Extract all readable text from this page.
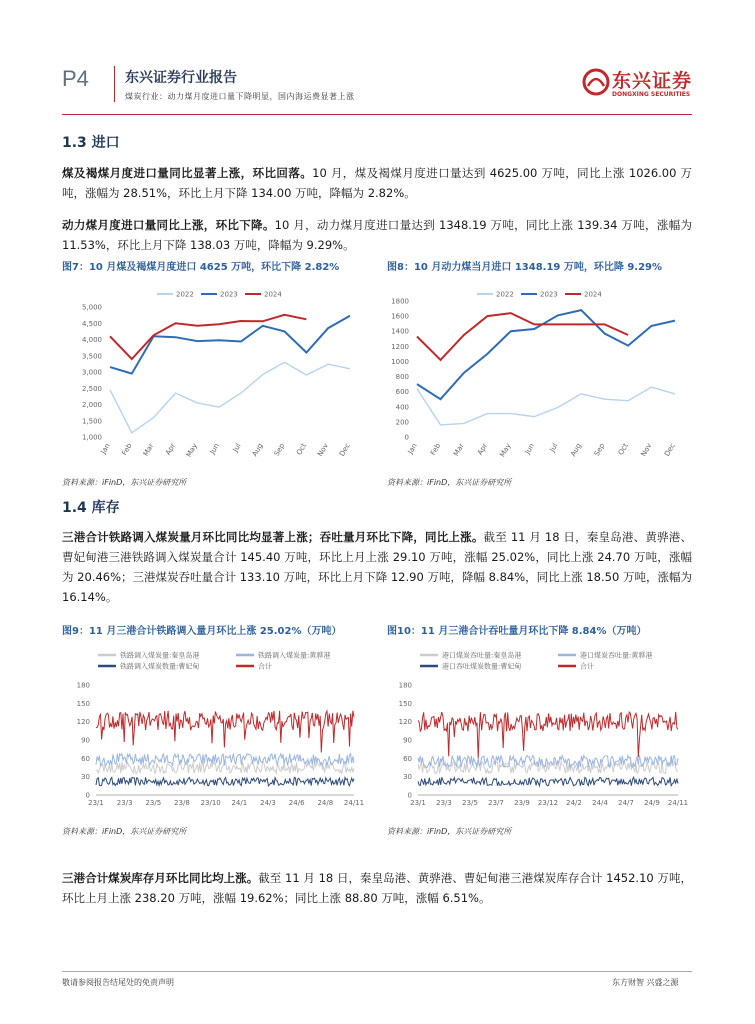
P4	东兴证券行业报告
煤炭行业：动力煤月度进口量下降明显，国内海运费显著上涨
东兴证券
DONGXING SECURITIES
1.3 进口
煤及褐煤月度进口量同比显著上涨，环比回落。10 月，煤及褐煤月度进口量达到 4625.00 万吨，同比上涨 1026.00 万吨，涨幅为 28.51%，环比上月下降 134.00 万吨，降幅为 2.82%。
动力煤月度进口量同比上涨，环比下降。10 月，动力煤月度进口量达到 1348.19 万吨，同比上涨 139.34 万吨，涨幅为 11.53%，环比上月下降 138.03 万吨，降幅为 9.29%。
图7：10 月煤及褐煤月度进口 4625 万吨，环比下降 2.82%	图8：10 月动力煤当月进口 1348.19 万吨，环比降 9.29%
2022	2023	2024
1,000
1,500
2,000
2,500
3,000
3,500
4,000
4,500
5,000
Jan Feb Mar Apr May Jun Jul Aug Sep Oct Nov Dec
2022	2023	2024
0
200
400
600
800
1000
1200
1400
1600
1800
Jan Feb Mar Apr May Jun Jul Aug Sep Oct Nov Dec
资料来源：iFinD，东兴证券研究所	资料来源：iFinD，东兴证券研究所
1.4 库存
三港合计铁路调入煤炭量月环比同比均显著上涨；吞吐量月环比下降，同比上涨。截至 11 月 18 日，秦皇岛港、黄骅港、曹妃甸港三港铁路调入煤炭量合计 145.40 万吨，环比上月上涨 29.10 万吨，涨幅 25.02%，同比上涨 24.70 万吨，涨幅为 20.46%；三港煤炭吞吐量合计 133.10 万吨，环比上月下降 12.90 万吨，降幅 8.84%，同比上涨 18.50 万吨，涨幅为 16.14%。
图9：11 月三港合计铁路调入量月环比上涨 25.02%（万吨）	图10：11 月三港合计吞吐量月环比下降 8.84%（万吨）
铁路调入煤炭量:秦皇岛港	铁路调入煤炭量:黄骅港
铁路调入煤炭数量:曹妃甸	合计
0
30
60
90
120
150
180
23/1 23/3 23/5 23/8 23/10 24/1 24/3 24/6 24/8 24/11
港口煤炭吞吐量:秦皇岛港	港口煤炭吞吐量:黄骅港
港口吞吐煤炭数量:曹妃甸	合计
0
30
60
90
120
150
180
23/1 23/3 23/5 23/7 23/9 23/12 24/2 24/4 24/7 24/9 24/11
资料来源：iFinD，东兴证券研究所	资料来源：iFinD，东兴证券研究所
三港合计煤炭库存月环比同比均上涨。截至 11 月 18 日，秦皇岛港、黄骅港、曹妃甸港三港煤炭库存合计 1452.10 万吨，环比上月上涨 238.20 万吨，涨幅 19.62%；同比上涨 88.80 万吨，涨幅 6.51%。
敬请参阅报告结尾处的免责声明	东方财智 兴盛之源
